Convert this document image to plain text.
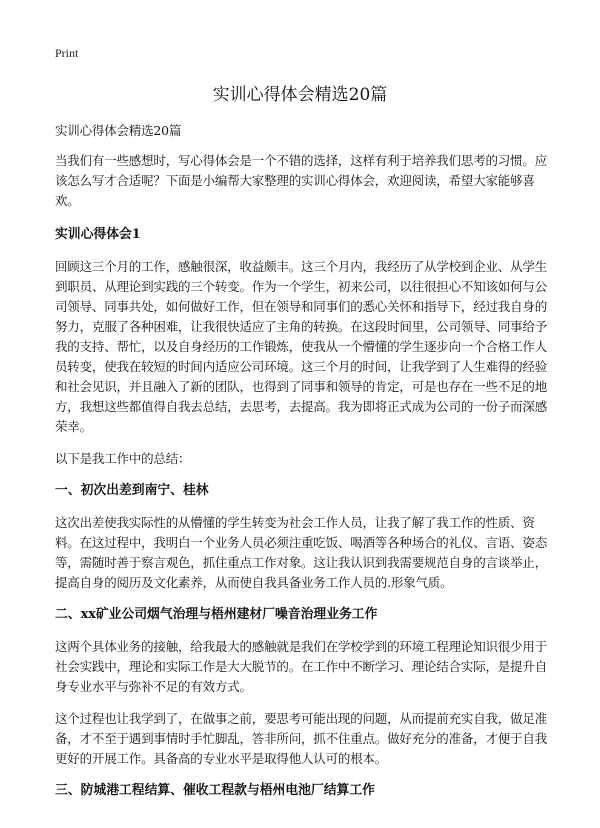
Print
实训心得体会精选20篇

实训心得体会精选20篇

当我们有一些感想时，写心得体会是一个不错的选择，这样有利于培养我们思考的习惯。应该怎么写才合适呢？下面是小编帮大家整理的实训心得体会，欢迎阅读，希望大家能够喜欢。

实训心得体会1

回顾这三个月的工作，感触很深，收益颇丰。这三个月内，我经历了从学校到企业、从学生到职员、从理论到实践的三个转变。作为一个学生，初来公司，以往很担心不知该如何与公司领导、同事共处，如何做好工作，但在领导和同事们的悉心关怀和指导下，经过我自身的努力，克服了各种困难，让我很快适应了主角的转换。在这段时间里，公司领导、同事给予我的支持、帮忙，以及自身经历的工作锻炼，使我从一个懵懂的学生逐步向一个合格工作人员转变，使我在较短的时间内适应公司环境。这三个月的时间，让我学到了人生难得的经验和社会见识，并且融入了新的团队，也得到了同事和领导的肯定，可是也存在一些不足的地方，我想这些都值得自我去总结，去思考，去提高。我为即将正式成为公司的一份子而深感荣幸。

以下是我工作中的总结：

一、初次出差到南宁、桂林

这次出差使我实际性的从懵懂的学生转变为社会工作人员，让我了解了我工作的性质、资料。在这过程中，我明白一个业务人员必须注重吃饭、喝酒等各种场合的礼仪、言语、姿态等，需随时善于察言观色，抓住重点工作对象。这让我认识到我需要规范自身的言谈举止，提高自身的阅历及文化素养，从而使自我具备业务工作人员的.形象气质。

二、xx矿业公司烟气治理与梧州建材厂噪音治理业务工作

这两个具体业务的接触，给我最大的感触就是我们在学校学到的环境工程理论知识很少用于社会实践中，理论和实际工作是大大脱节的。在工作中不断学习、理论结合实际，是提升自身专业水平与弥补不足的有效方式。

这个过程也让我学到了，在做事之前，要思考可能出现的问题，从而提前充实自我，做足准备，才不至于遇到事情时手忙脚乱，答非所问，抓不住重点。做好充分的准备，才便于自我更好的开展工作。具备高的专业水平是取得他人认可的根本。

三、防城港工程结算、催收工程款与梧州电池厂结算工作
